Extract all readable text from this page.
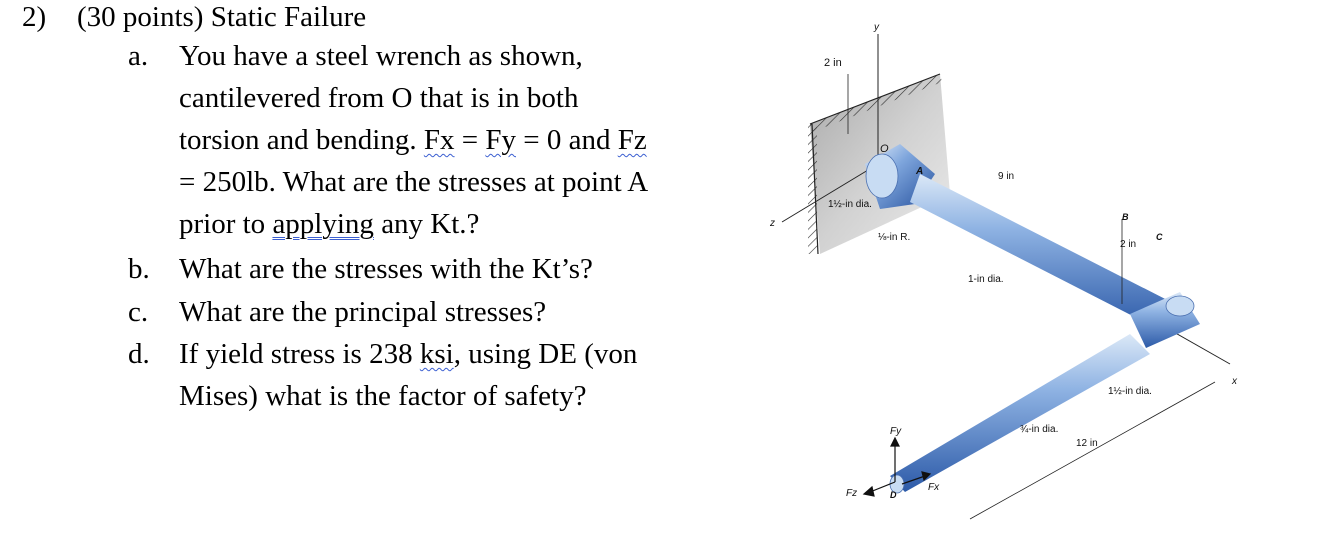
2) (30 points) Static Failure
a.	You have a steel wrench as shown,
cantilevered from O that is in both
torsion and bending. Fx = Fy = 0 and Fz
= 250lb. What are the stresses at point A
prior to applying any Kt.?
b.	What are the stresses with the Kt’s?
c.	What are the principal stresses?
d.	If yield stress is 238 ksi, using DE (von
Mises) what is the factor of safety?
y
z
x
2 in
O
A	9 in
1½-in dia.
⅛-in R.
1-in dia.
B
2 in
C
1½-in dia.
¾-in dia.
12 in
Fy
Fz
Fx
D
